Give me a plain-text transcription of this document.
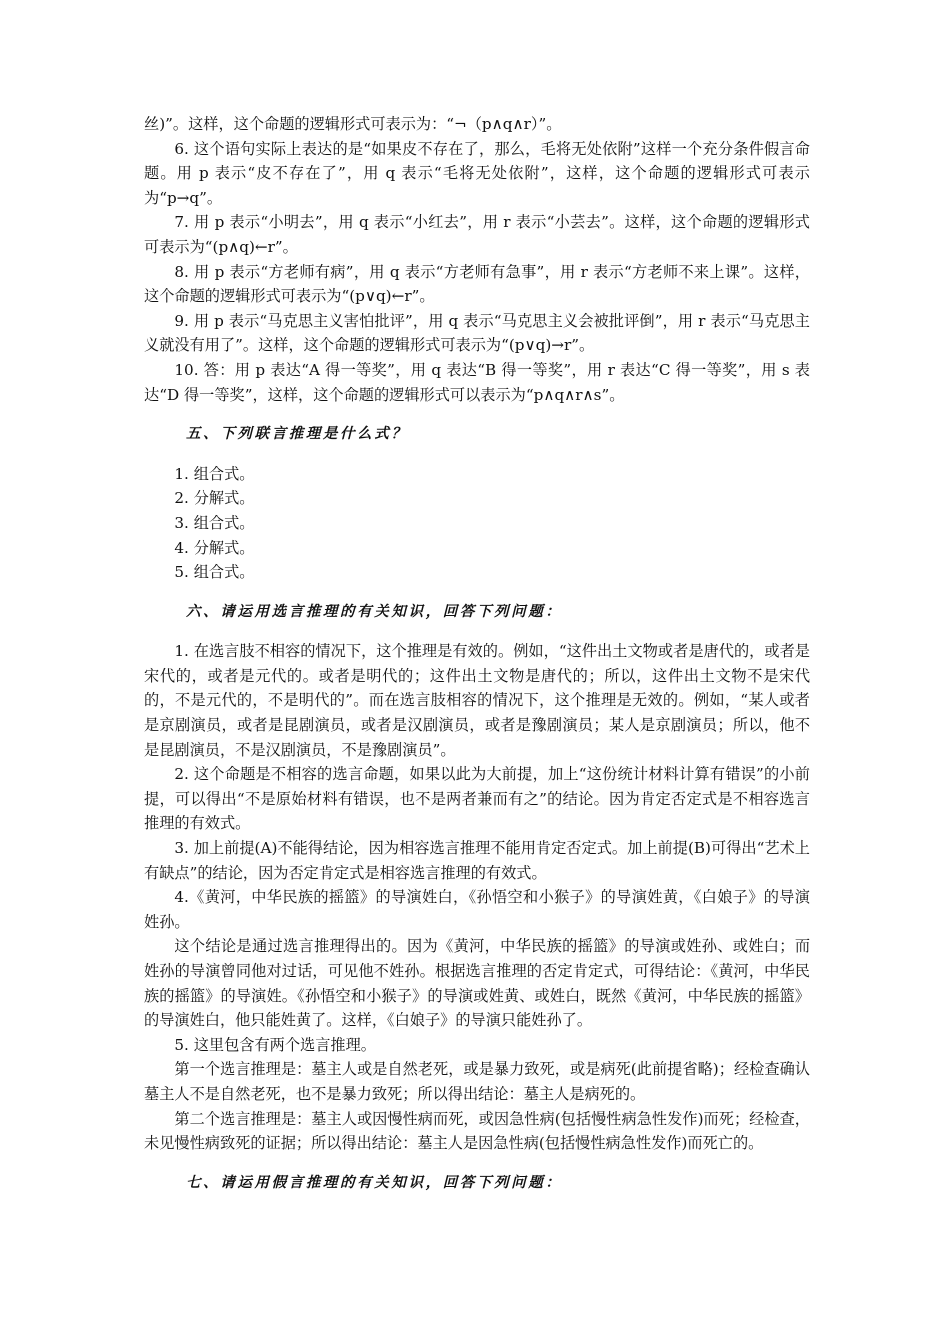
丝)”。这样，这个命题的逻辑形式可表示为：“¬（p∧q∧r）”。

6. 这个语句实际上表达的是“如果皮不存在了，那么，毛将无处依附”这样一个充分条件假言命题。用 p 表示“皮不存在了”，用 q 表示“毛将无处依附”，这样，这个命题的逻辑形式可表示为“p→q”。

7. 用 p 表示“小明去”，用 q 表示“小红去”，用 r 表示“小芸去”。这样，这个命题的逻辑形式可表示为“(p∧q)←r”。

8. 用 p 表示“方老师有病”，用 q 表示“方老师有急事”，用 r 表示“方老师不来上课”。这样，这个命题的逻辑形式可表示为“(p∨q)←r”。

9. 用 p 表示“马克思主义害怕批评”，用 q 表示“马克思主义会被批评倒”，用 r 表示“马克思主义就没有用了”。这样，这个命题的逻辑形式可表示为“(p∨q)→r”。

10. 答：用 p 表达“A 得一等奖”，用 q 表达“B 得一等奖”，用 r 表达“C 得一等奖”，用 s 表达“D 得一等奖”，这样，这个命题的逻辑形式可以表示为“p∧q∧r∧s”。

五、下列联言推理是什么式？

1. 组合式。

2. 分解式。

3. 组合式。

4. 分解式。

5. 组合式。

六、请运用选言推理的有关知识，回答下列问题：

1. 在选言肢不相容的情况下，这个推理是有效的。例如，“这件出土文物或者是唐代的，或者是宋代的，或者是元代的。或者是明代的；这件出土文物是唐代的；所以，这件出土文物不是宋代的，不是元代的，不是明代的”。而在选言肢相容的情况下，这个推理是无效的。例如，“某人或者是京剧演员，或者是昆剧演员，或者是汉剧演员，或者是豫剧演员；某人是京剧演员；所以，他不是昆剧演员，不是汉剧演员，不是豫剧演员”。

2. 这个命题是不相容的选言命题，如果以此为大前提，加上“这份统计材料计算有错误”的小前提，可以得出“不是原始材料有错误，也不是两者兼而有之”的结论。因为肯定否定式是不相容选言推理的有效式。

3. 加上前提(A)不能得结论，因为相容选言推理不能用肯定否定式。加上前提(B)可得出“艺术上有缺点”的结论，因为否定肯定式是相容选言推理的有效式。

4.《黄河，中华民族的摇篮》的导演姓白，《孙悟空和小猴子》的导演姓黄，《白娘子》的导演姓孙。

这个结论是通过选言推理得出的。因为《黄河，中华民族的摇篮》的导演或姓孙、或姓白；而姓孙的导演曾同他对过话，可见他不姓孙。根据选言推理的否定肯定式，可得结论：《黄河，中华民族的摇篮》的导演姓。《孙悟空和小猴子》的导演或姓黄、或姓白，既然《黄河，中华民族的摇篮》的导演姓白，他只能姓黄了。这样，《白娘子》的导演只能姓孙了。

5. 这里包含有两个选言推理。

第一个选言推理是：墓主人或是自然老死，或是暴力致死，或是病死(此前提省略)；经检查确认墓主人不是自然老死，也不是暴力致死；所以得出结论：墓主人是病死的。

第二个选言推理是：墓主人或因慢性病而死，或因急性病(包括慢性病急性发作)而死；经检查，未见慢性病致死的证据；所以得出结论：墓主人是因急性病(包括慢性病急性发作)而死亡的。

七、请运用假言推理的有关知识，回答下列问题：
